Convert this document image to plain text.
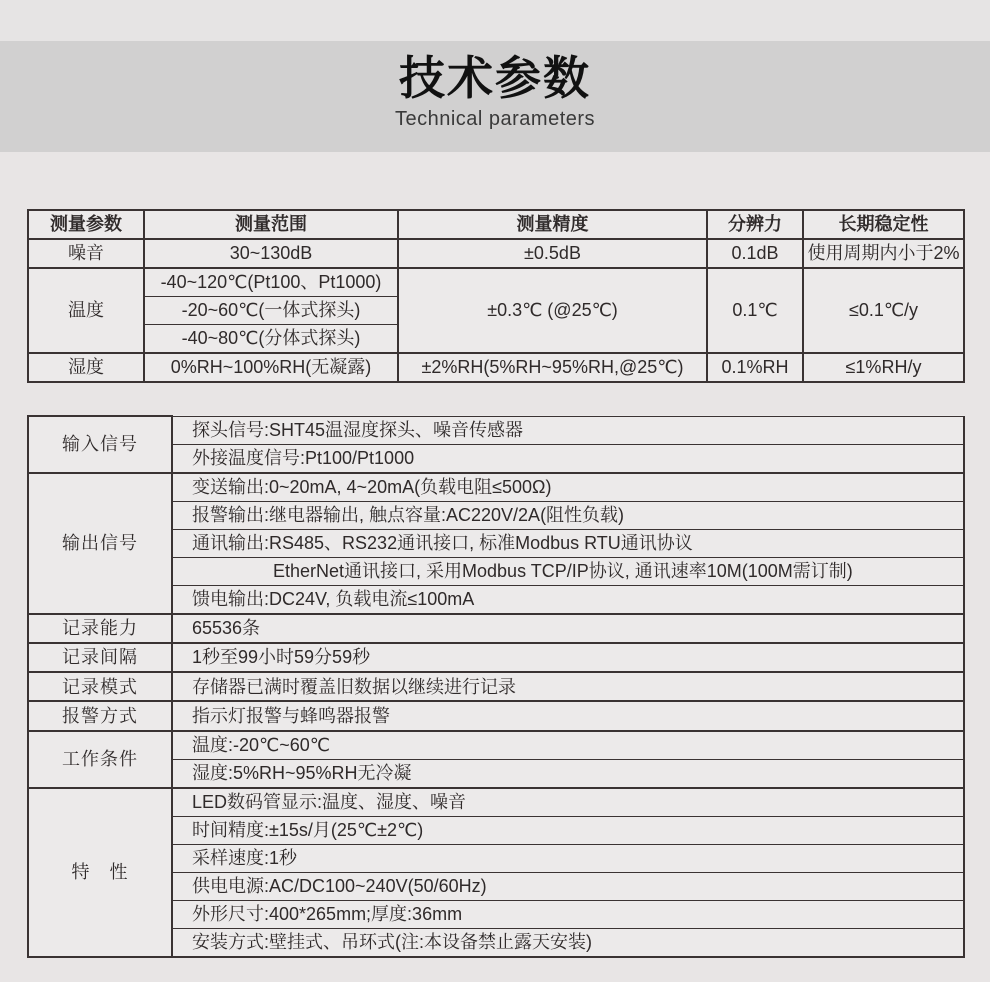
技术参数
Technical parameters
测量参数	测量范围	测量精度	分辨力	长期稳定性
噪音	30~130dB	±0.5dB	0.1dB	使用周期内小于2%
温度	-40~120℃(Pt100、Pt1000)	±0.3℃ (@25℃)	0.1℃	≤0.1℃/y
	-20~60℃(一体式探头)			
	-40~80℃(分体式探头)			
湿度	0%RH~100%RH(无凝露)	±2%RH(5%RH~95%RH,@25℃)	0.1%RH	≤1%RH/y
输入信号	探头信号:SHT45温湿度探头、噪音传感器
	外接温度信号:Pt100/Pt1000
输出信号	变送输出:0~20mA, 4~20mA(负载电阻≤500Ω)
	报警输出:继电器输出, 触点容量:AC220V/2A(阻性负载)
	通讯输出:RS485、RS232通讯接口, 标准Modbus RTU通讯协议
	EtherNet通讯接口, 采用Modbus TCP/IP协议, 通讯速率10M(100M需订制)
	馈电输出:DC24V, 负载电流≤100mA
记录能力	65536条
记录间隔	1秒至99小时59分59秒
记录模式	存储器已满时覆盖旧数据以继续进行记录
报警方式	指示灯报警与蜂鸣器报警
工作条件	温度:-20℃~60℃
	湿度:5%RH~95%RH无冷凝
特　性	LED数码管显示:温度、湿度、噪音
	时间精度:±15s/月(25℃±2℃)
	采样速度:1秒
	供电电源:AC/DC100~240V(50/60Hz)
	外形尺寸:400*265mm;厚度:36mm
	安装方式:壁挂式、吊环式(注:本设备禁止露天安装)
